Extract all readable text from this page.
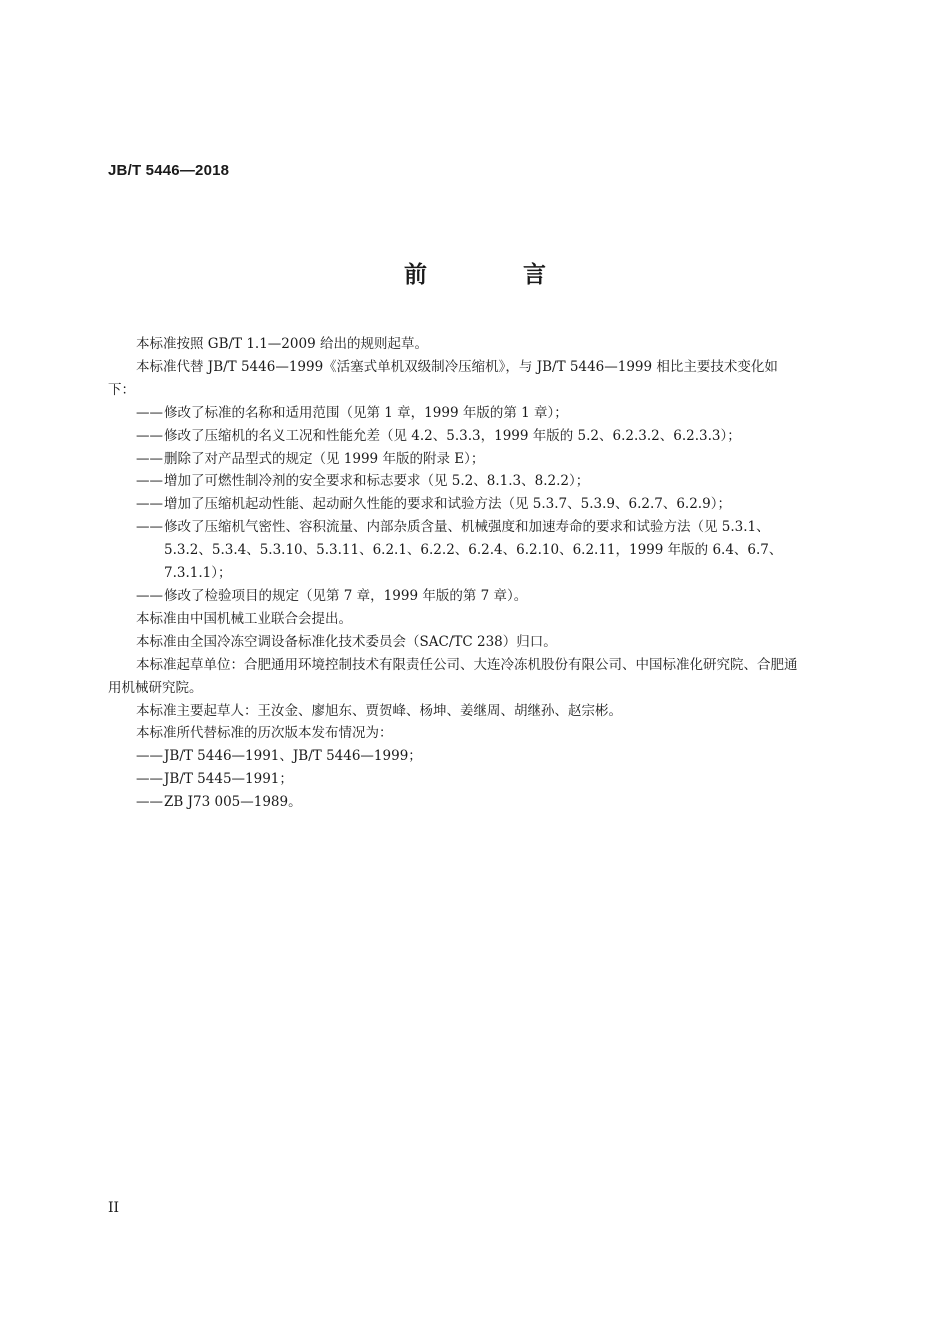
JB/T 5446—2018
前 言

本标准按照 GB/T 1.1—2009 给出的规则起草。

本标准代替 JB/T 5446—1999《活塞式单机双级制冷压缩机》，与 JB/T 5446—1999 相比主要技术变化如下：

——修改了标准的名称和适用范围（见第 1 章，1999 年版的第 1 章）；

——修改了压缩机的名义工况和性能允差（见 4.2、5.3.3，1999 年版的 5.2、6.2.3.2、6.2.3.3）；

——删除了对产品型式的规定（见 1999 年版的附录 E）；

——增加了可燃性制冷剂的安全要求和标志要求（见 5.2、8.1.3、8.2.2）；

——增加了压缩机起动性能、起动耐久性能的要求和试验方法（见 5.3.7、5.3.9、6.2.7、6.2.9）；

——修改了压缩机气密性、容积流量、内部杂质含量、机械强度和加速寿命的要求和试验方法（见 5.3.1、5.3.2、5.3.4、5.3.10、5.3.11、6.2.1、6.2.2、6.2.4、6.2.10、6.2.11，1999 年版的 6.4、6.7、7.3.1.1）；

——修改了检验项目的规定（见第 7 章，1999 年版的第 7 章）。

本标准由中国机械工业联合会提出。

本标准由全国冷冻空调设备标准化技术委员会（SAC/TC 238）归口。

本标准起草单位：合肥通用环境控制技术有限责任公司、大连冷冻机股份有限公司、中国标准化研究院、合肥通用机械研究院。

本标准主要起草人：王汝金、廖旭东、贾贺峰、杨坤、姜继周、胡继孙、赵宗彬。

本标准所代替标准的历次版本发布情况为：

——JB/T 5446—1991、JB/T 5446—1999；

——JB/T 5445—1991；

——ZB J73 005—1989。

II
